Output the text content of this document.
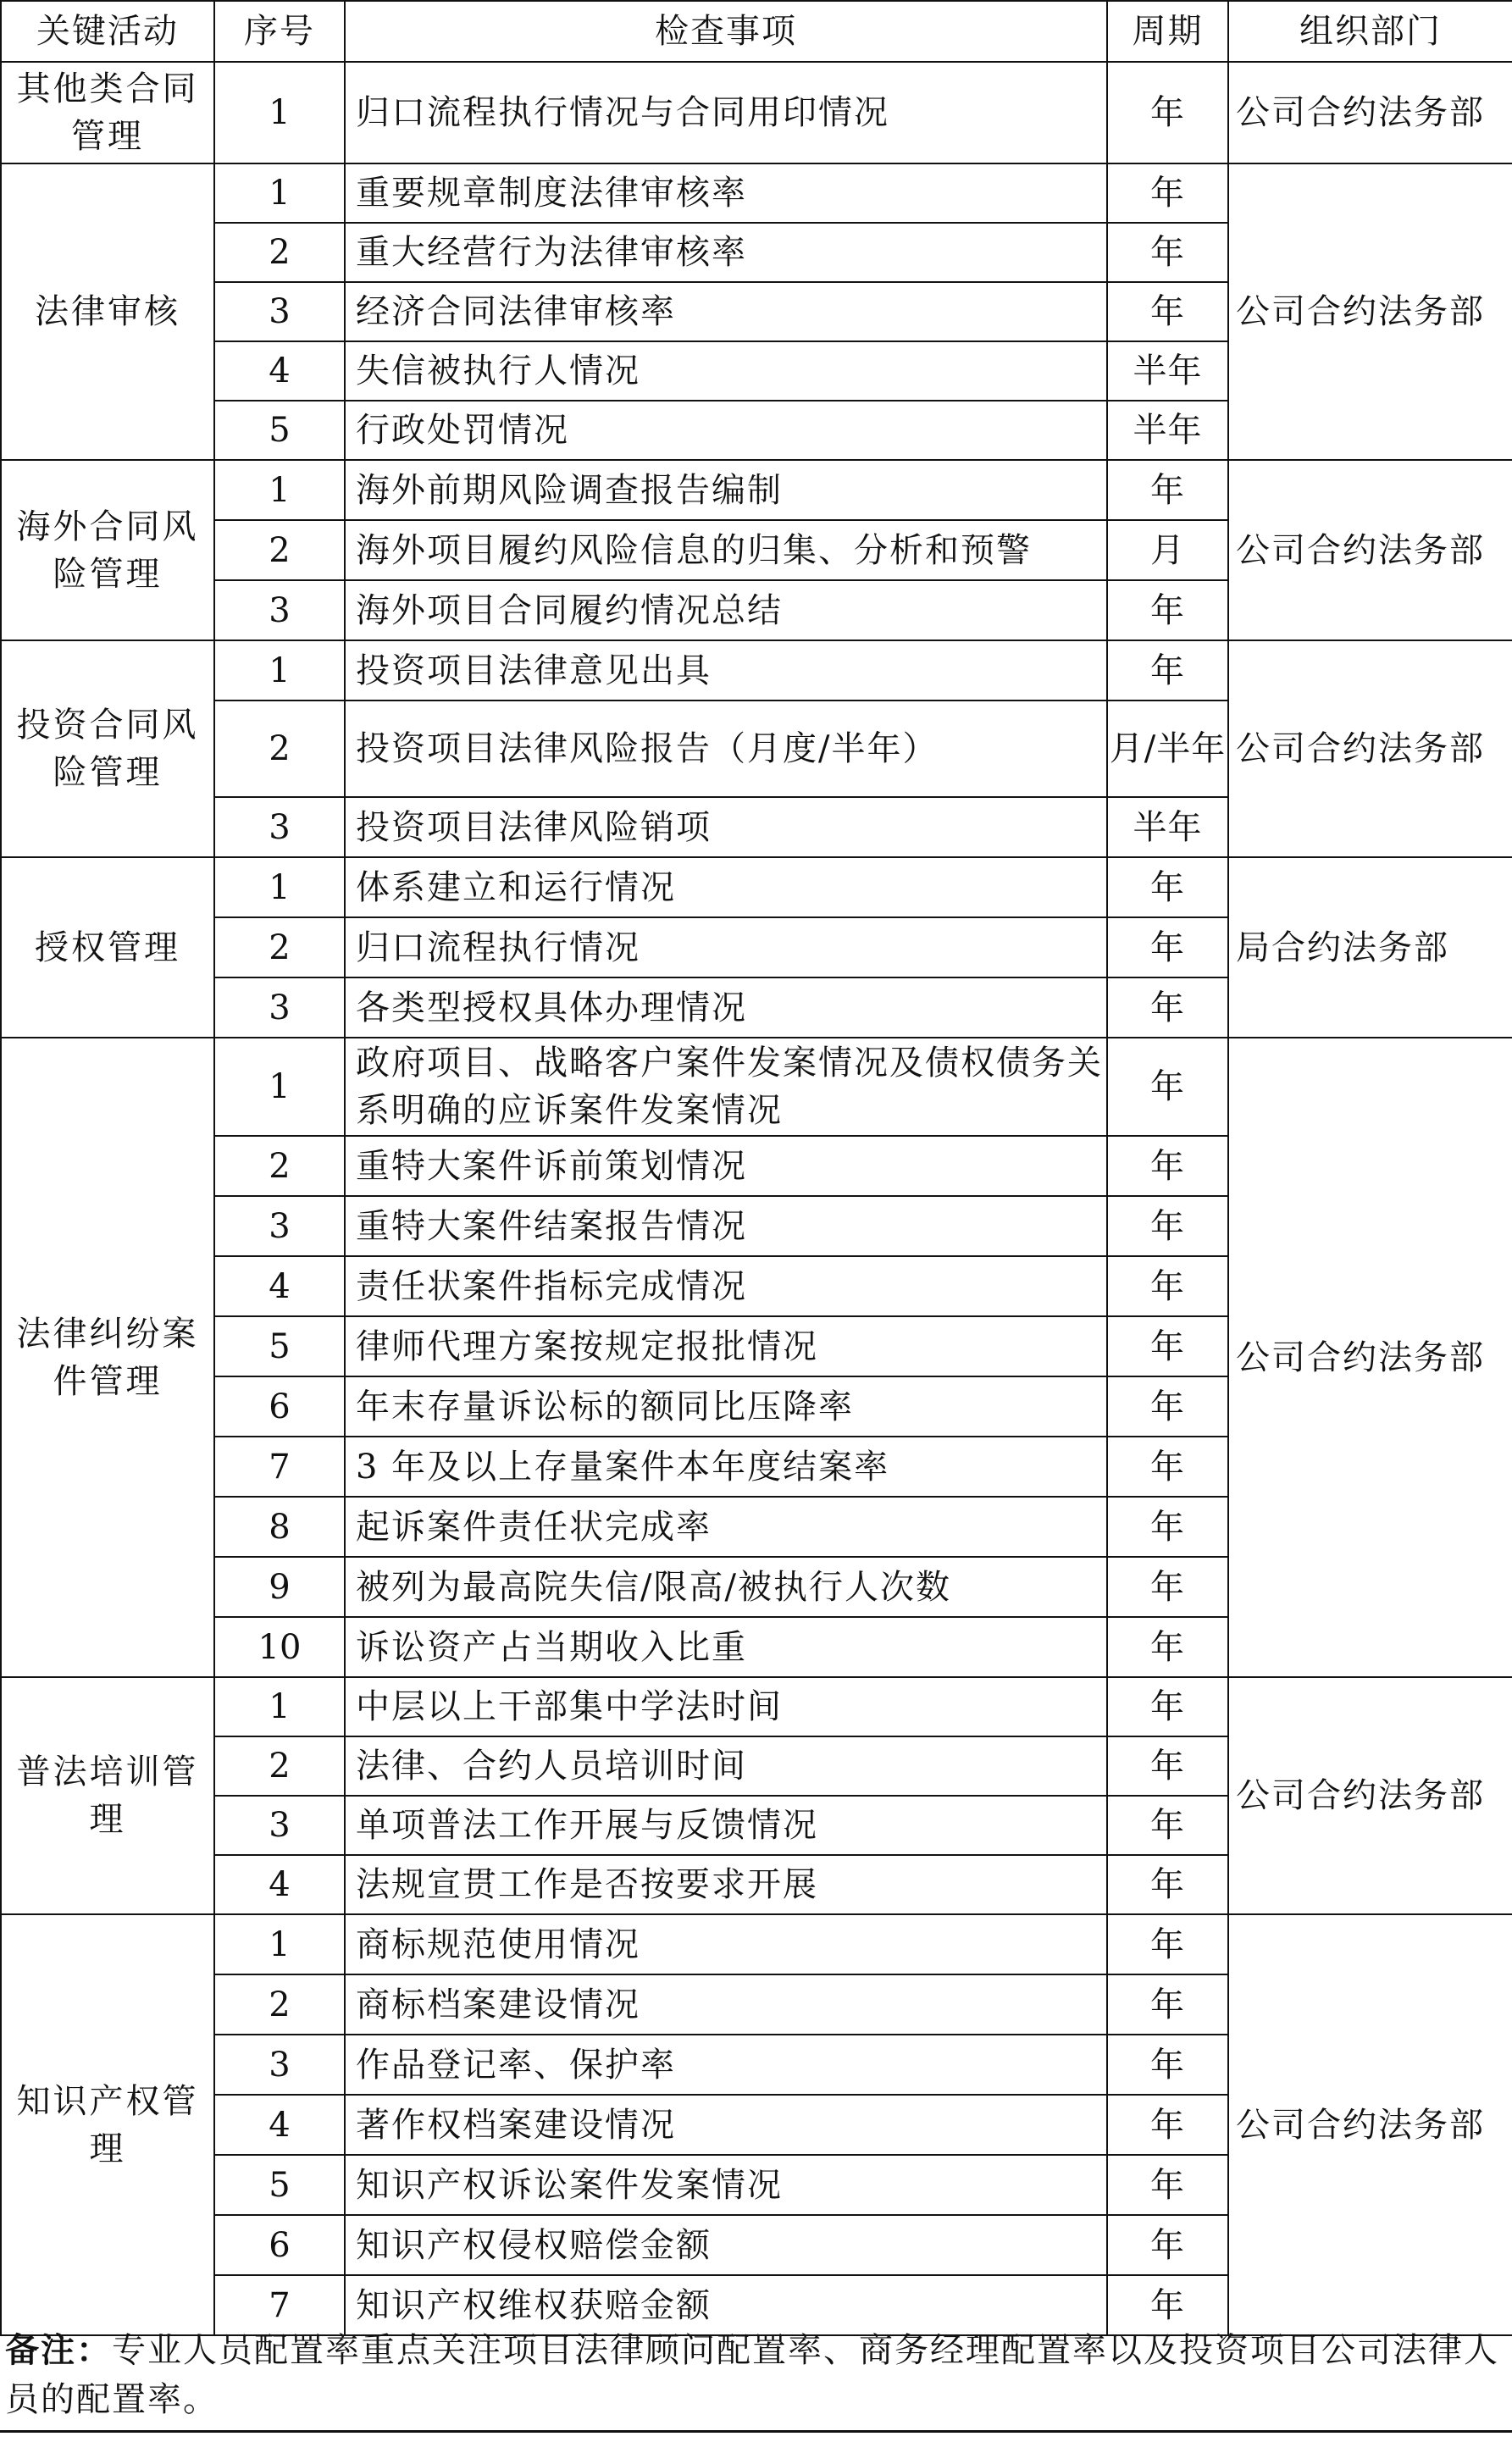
关键活动	序号	检查事项	周期	组织部门
其他类合同管理	1	归口流程执行情况与合同用印情况	年	公司合约法务部
法律审核	1	重要规章制度法律审核率	年	公司合约法务部
	2	重大经营行为法律审核率	年	
	3	经济合同法律审核率	年	
	4	失信被执行人情况	半年	
	5	行政处罚情况	半年	
海外合同风险管理	1	海外前期风险调查报告编制	年	公司合约法务部
	2	海外项目履约风险信息的归集、分析和预警	月	
	3	海外项目合同履约情况总结	年	
投资合同风险管理	1	投资项目法律意见出具	年	公司合约法务部
	2	投资项目法律风险报告（月度/半年）	月/半年	
	3	投资项目法律风险销项	半年	
授权管理	1	体系建立和运行情况	年	局合约法务部
	2	归口流程执行情况	年	
	3	各类型授权具体办理情况	年	
法律纠纷案件管理	1	政府项目、战略客户案件发案情况及债权债务关系明确的应诉案件发案情况	年	公司合约法务部
	2	重特大案件诉前策划情况	年	
	3	重特大案件结案报告情况	年	
	4	责任状案件指标完成情况	年	
	5	律师代理方案按规定报批情况	年	
	6	年末存量诉讼标的额同比压降率	年	
	7	3 年及以上存量案件本年度结案率	年	
	8	起诉案件责任状完成率	年	
	9	被列为最高院失信/限高/被执行人次数	年	
	10	诉讼资产占当期收入比重	年	
普法培训管理	1	中层以上干部集中学法时间	年	公司合约法务部
	2	法律、合约人员培训时间	年	
	3	单项普法工作开展与反馈情况	年	
	4	法规宣贯工作是否按要求开展	年	
知识产权管理	1	商标规范使用情况	年	公司合约法务部
	2	商标档案建设情况	年	
	3	作品登记率、保护率	年	
	4	著作权档案建设情况	年	
	5	知识产权诉讼案件发案情况	年	
	6	知识产权侵权赔偿金额	年	
	7	知识产权维权获赔金额	年	
备注：专业人员配置率重点关注项目法律顾问配置率、商务经理配置率以及投资项目公司法律人员的配置率。
